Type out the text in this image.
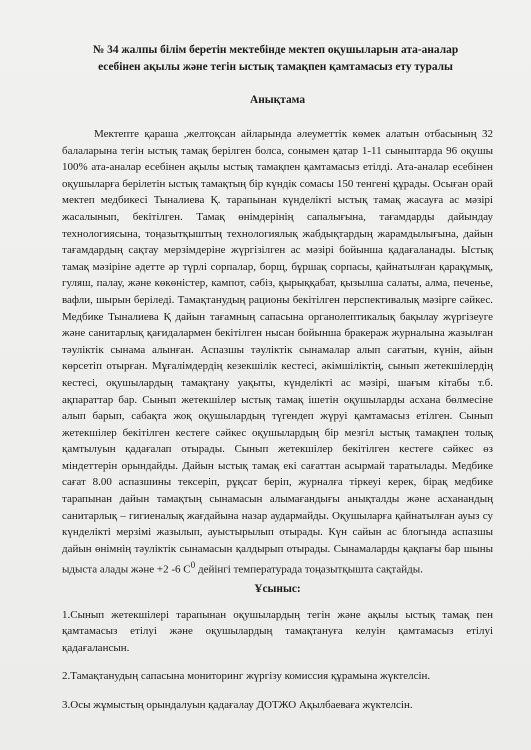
№ 34 жалпы білім беретін мектебінде мектеп оқушыларын ата-аналар
есебінен ақылы және тегін ыстық тамақпен қамтамасыз ету туралы
Анықтама

Мектепте қараша ,желтоқсан айларында әлеуметтік көмек алатын отбасының 32 балаларына тегін ыстық тамақ берілген болса, сонымен қатар 1-11 сыныптарда 96 оқушы 100% ата-аналар есебінен ақылы ыстық тамақпен қамтамасыз етілді. Ата-аналар есебінен оқушыларға берілетін ыстық тамақтың бір күндік сомасы 150 тенгені құрады. Осыған орай мектеп медбикесі Тыналиева Қ. тарапынан күнделікті ыстық тамақ жасауға ас мәзірі жасалынып, бекітілген. Тамақ өнімдерінің сапалығына, тағамдарды дайындау технологиясына, тоңазытқыштың технологиялық жабдықтардың жарамдылығына, дайын тағамдардың сақтау мерзімдеріне жүргізілген ас мәзірі бойынша қадағаланады. Ыстық тамақ мәзіріне әдетте әр түрлі сорпалар, борщ, бұршақ сорпасы, қайнатылған қарақұмық, гуляш, палау, және көкөністер, кампот, сәбіз, қырыққабат, қызылша салаты, алма, печенье, вафли, шырын беріледі. Тамақтанудың рационы бекітілген перспективалық мәзірге сәйкес. Медбике Тыналиева Қ дайын тағамның сапасына органолептикалық бақылау жүргізеуге және санитарлық қағидалармен бекітілген нысан бойынша бракераж журналына жазылған тәуліктік сынама алынған. Аспазшы тәуліктік сынамалар алып сағатын, күнін, айын көрсетіп отырған. Мұғалімдердің кезекшілік кестесі, әкімшіліктің, сынып жетекшілердің кестесі, оқушылардың тамақтану уақыты, күнделікті ас мәзірі, шағым кітабы т.б. ақпараттар бар. Сынып жетекшілер ыстық тамақ ішетін оқушыларды асхана бөлмесіне алып барып, сабақта жоқ оқушылардың түгендеп жүруі қамтамасыз етілген. Сынып жетекшілер бекітілген кестеге сәйкес оқушылардың бір мезгіл ыстық тамақпен толық қамтылуын қадағалап отырады. Сынып жетекшілер бекітілген кестеге сәйкес өз міндеттерін орындайды. Дайын ыстық тамақ екі сағаттан асырмай таратылады. Медбике сағат 8.00 аспазшины тексеріп, рұқсат беріп, журналға тіркеуі керек, бірақ медбике тарапынан дайын тамақтың сынамасын алымағандығы анықталды және асханандың санитарлық – гигиеналық жағдайына назар аудармайды. Оқушыларға қайнатылған ауыз су күнделікті мерзімі жазылып, ауыстырылып отырады. Күн сайын ас блогында аспазшы дайын өнімнің тәуліктік сынамасын қалдырып отырады. Сынамаларды қақпағы бар шыны ыдыста алады және +2 -6 $С^0$ дейінгі температурада тоңазытқышта сақтайды.

Ұсыныс:
1.Сынып жетекшілері тарапынан оқушылардың тегін және ақылы ыстық тамақ пен қамтамасыз етілуі және оқушылардың тамақтануға келуін қамтамасыз етілуі қадағалансын.
2.Тамақтанудың сапасына мониторинг жүргізу комиссия құрамына жүктелсін.
3.Осы жұмыстың орындалуын қадағалау ДОТЖО Ақылбаеваға жүктелсін.
